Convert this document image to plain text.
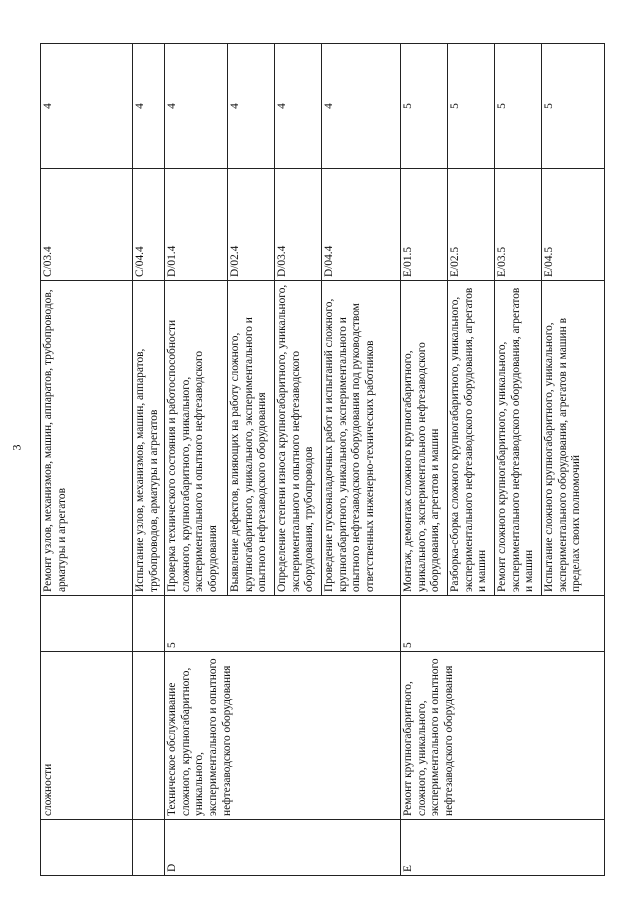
3
	сложности		Ремонт узлов, механизмов, машин, аппаратов, трубопроводов, арматуры и агрегатов	C/03.4	4
			Испытание узлов, механизмов, машин, аппаратов, трубопроводов, арматуры и агрегатов	C/04.4	4
D	Техническое обслуживание сложного, крупногабаритного, уникального, экспериментального и опытного нефтезаводского оборудования	5	Проверка технического состояния и работоспособности сложного, крупногабаритного, уникального, экспериментального и опытного нефтезаводского оборудования	D/01.4	4
			Выявление дефектов, влияющих на работу сложного, крупногабаритного, уникального, экспериментального и опытного нефтезаводского оборудования	D/02.4	4
			Определение степени износа крупногабаритного, уникального, экспериментального и опытного нефтезаводского оборудования, трубопроводов	D/03.4	4
			Проведение пусконаладочных работ и испытаний сложного, крупногабаритного, уникального, экспериментального и опытного нефтезаводского оборудования под руководством ответственных инженерно-технических работников	D/04.4	4
E	Ремонт крупногабаритного, сложного, уникального, экспериментального и опытного нефтезаводского оборудования	5	Монтаж, демонтаж сложного крупногабаритного, уникального, экспериментального нефтезаводского оборудования, агрегатов и машин	E/01.5	5
			Разборка-сборка сложного крупногабаритного, уникального, экспериментального нефтезаводского оборудования, агрегатов и машин	E/02.5	5
			Ремонт сложного крупногабаритного, уникального, экспериментального нефтезаводского оборудования, агрегатов и машин	E/03.5	5
			Испытание сложного крупногабаритного, уникального, экспериментального оборудования, агрегатов и машин в пределах своих полномочий	E/04.5	5
